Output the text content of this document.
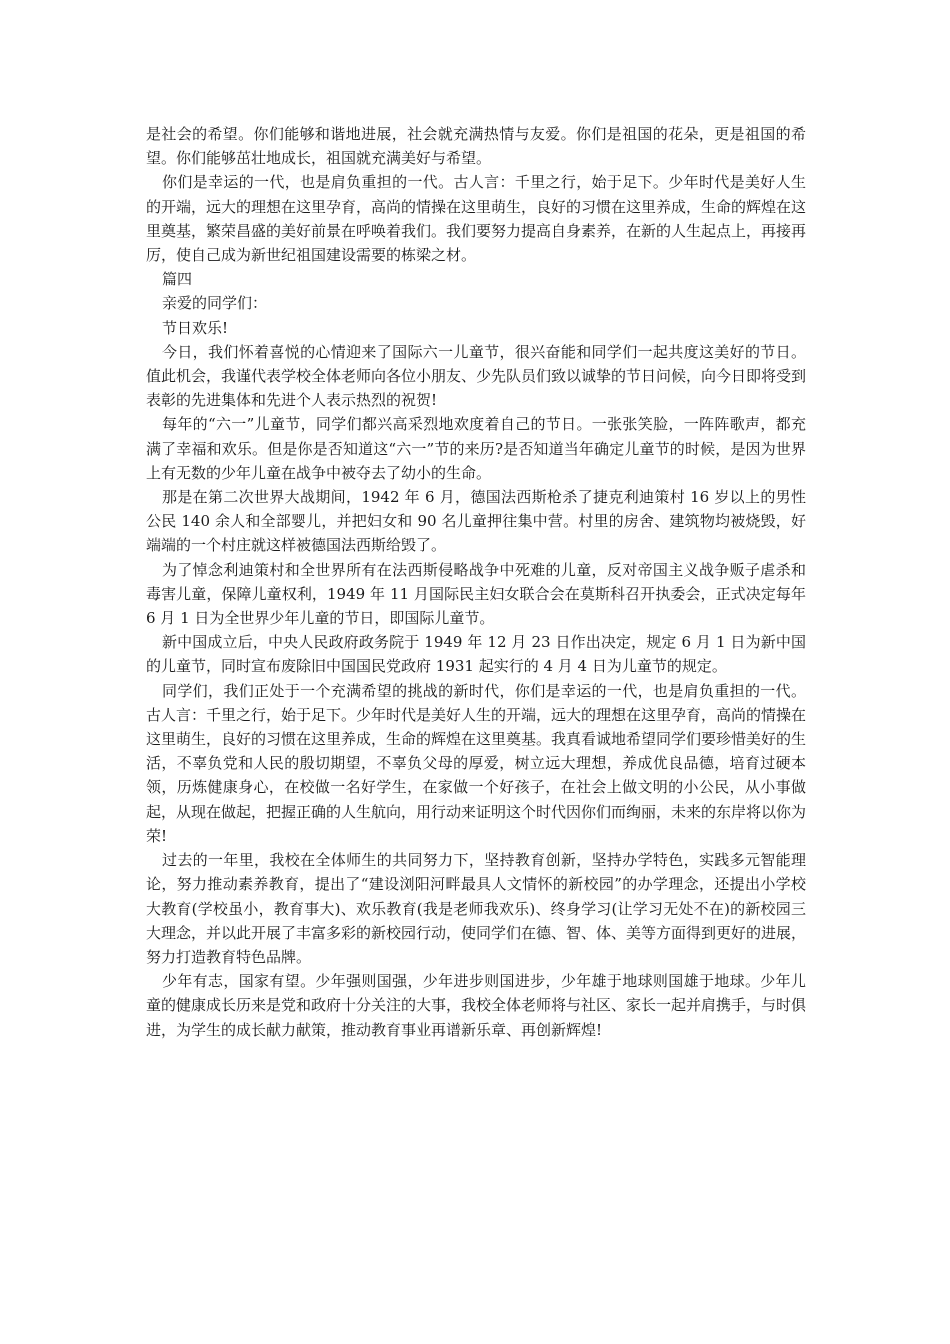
是社会的希望。你们能够和谐地进展，社会就充满热情与友爱。你们是祖国的花朵，更是祖国的希望。你们能够茁壮地成长，祖国就充满美好与希望。

你们是幸运的一代，也是肩负重担的一代。古人言：千里之行，始于足下。少年时代是美好人生的开端，远大的理想在这里孕育，高尚的情操在这里萌生，良好的习惯在这里养成，生命的辉煌在这里奠基，繁荣昌盛的美好前景在呼唤着我们。我们要努力提高自身素养，在新的人生起点上，再接再厉，使自己成为新世纪祖国建设需要的栋梁之材。

篇四

亲爱的同学们：

节日欢乐!

今日，我们怀着喜悦的心情迎来了国际六一儿童节，很兴奋能和同学们一起共度这美好的节日。值此机会，我谨代表学校全体老师向各位小朋友、少先队员们致以诚挚的节日问候，向今日即将受到表彰的先进集体和先进个人表示热烈的祝贺!

每年的“六一”儿童节，同学们都兴高采烈地欢度着自己的节日。一张张笑脸，一阵阵歌声，都充满了幸福和欢乐。但是你是否知道这“六一”节的来历?是否知道当年确定儿童节的时候，是因为世界上有无数的少年儿童在战争中被夺去了幼小的生命。

那是在第二次世界大战期间，1942 年 6 月，德国法西斯枪杀了捷克利迪策村 16 岁以上的男性公民 140 余人和全部婴儿，并把妇女和 90 名儿童押往集中营。村里的房舍、建筑物均被烧毁，好端端的一个村庄就这样被德国法西斯给毁了。

为了悼念利迪策村和全世界所有在法西斯侵略战争中死难的儿童，反对帝国主义战争贩子虐杀和毒害儿童，保障儿童权利，1949 年 11 月国际民主妇女联合会在莫斯科召开执委会，正式决定每年 6 月 1 日为全世界少年儿童的节日，即国际儿童节。

新中国成立后，中央人民政府政务院于 1949 年 12 月 23 日作出决定，规定 6 月 1 日为新中国的儿童节，同时宣布废除旧中国国民党政府 1931 起实行的 4 月 4 日为儿童节的规定。

同学们，我们正处于一个充满希望的挑战的新时代，你们是幸运的一代，也是肩负重担的一代。古人言：千里之行，始于足下。少年时代是美好人生的开端，远大的理想在这里孕育，高尚的情操在这里萌生，良好的习惯在这里养成，生命的辉煌在这里奠基。我真看诚地希望同学们要珍惜美好的生活，不辜负党和人民的殷切期望，不辜负父母的厚爱，树立远大理想，养成优良品德，培育过硬本领，历炼健康身心，在校做一名好学生，在家做一个好孩子，在社会上做文明的小公民，从小事做起，从现在做起，把握正确的人生航向，用行动来证明这个时代因你们而绚丽，未来的东岸将以你为荣!

过去的一年里，我校在全体师生的共同努力下，坚持教育创新，坚持办学特色，实践多元智能理论，努力推动素养教育，提出了“建设浏阳河畔最具人文情怀的新校园”的办学理念，还提出小学校大教育(学校虽小，教育事大)、欢乐教育(我是老师我欢乐)、终身学习(让学习无处不在)的新校园三大理念，并以此开展了丰富多彩的新校园行动，使同学们在德、智、体、美等方面得到更好的进展，努力打造教育特色品牌。

少年有志，国家有望。少年强则国强，少年进步则国进步，少年雄于地球则国雄于地球。少年儿童的健康成长历来是党和政府十分关注的大事，我校全体老师将与社区、家长一起并肩携手，与时俱进，为学生的成长献力献策，推动教育事业再谱新乐章、再创新辉煌!
